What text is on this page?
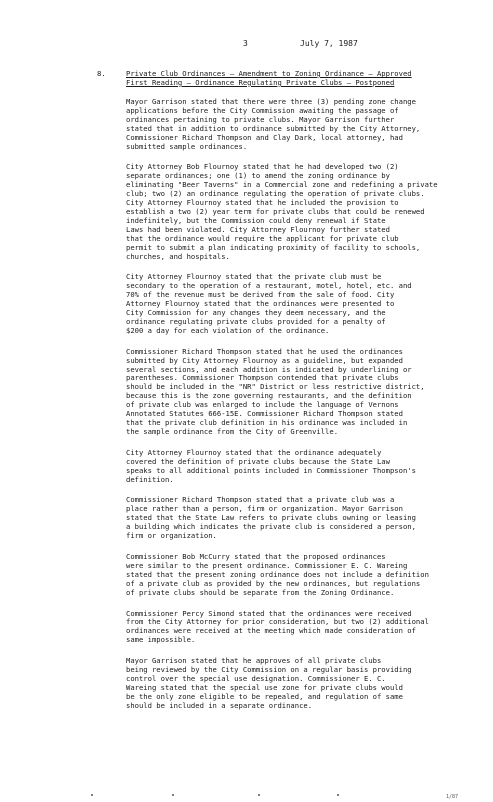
3	July 7, 1987
8.	Private Club Ordinances – Amendment to Zoning Ordinance – Approved
First Reading – Ordinance Regulating Private Clubs – Postponed

Mayor Garrison stated that there were three (3) pending zone change
applications before the City Commission awaiting the passage of
ordinances pertaining to private clubs. Mayor Garrison further
stated that in addition to ordinance submitted by the City Attorney,
Commissioner Richard Thompson and Clay Dark, local attorney, had
submitted sample ordinances.

City Attorney Bob Flournoy stated that he had developed two (2)
separate ordinances; one (1) to amend the zoning ordinance by
eliminating "Beer Taverns" in a Commercial zone and redefining a private
club; two (2) an ordinance regulating the operation of private clubs.
City Attorney Flournoy stated that he included the provision to
establish a two (2) year term for private clubs that could be renewed
indefinitely, but the Commission could deny renewal if State
Laws had been violated. City Attorney Flournoy further stated
that the ordinance would require the applicant for private club
permit to submit a plan indicating proximity of facility to schools,
churches, and hospitals.

City Attorney Flournoy stated that the private club must be
secondary to the operation of a restaurant, motel, hotel, etc. and
70% of the revenue must be derived from the sale of food. City
Attorney Flournoy stated that the ordinances were presented to
City Commission for any changes they deem necessary, and the
ordinance regulating private clubs provided for a penalty of
$200 a day for each violation of the ordinance.

Commissioner Richard Thompson stated that he used the ordinances
submitted by City Attorney Flournoy as a guideline, but expanded
several sections, and each addition is indicated by underlining or
parentheses. Commissioner Thompson contended that private clubs
should be included in the "NR" District or less restrictive district,
because this is the zone governing restaurants, and the definition
of private club was enlarged to include the language of Vernons
Annotated Statutes 666-15E. Commissioner Richard Thompson stated
that the private club definition in his ordinance was included in
the sample ordinance from the City of Greenville.

City Attorney Flournoy stated that the ordinance adequately
covered the definition of private clubs because the State Law
speaks to all additional points included in Commissioner Thompson's
definition.

Commissioner Richard Thompson stated that a private club was a
place rather than a person, firm or organization. Mayor Garrison
stated that the State Law refers to private clubs owning or leasing
a building which indicates the private club is considered a person,
firm or organization.

Commissioner Bob McCurry stated that the proposed ordinances
were similar to the present ordinance. Commissioner E. C. Wareing
stated that the present zoning ordinance does not include a definition
of a private club as provided by the new ordinances, but regulations
of private clubs should be separate from the Zoning Ordinance.

Commissioner Percy Simond stated that the ordinances were received
from the City Attorney for prior consideration, but two (2) additional
ordinances were received at the meeting which made consideration of
same impossible.

Mayor Garrison stated that he approves of all private clubs
being reviewed by the City Commission on a regular basis providing
control over the special use designation. Commissioner E. C.
Wareing stated that the special use zone for private clubs would
be the only zone eligible to be repealed, and regulation of same
should be included in a separate ordinance.

1/87
